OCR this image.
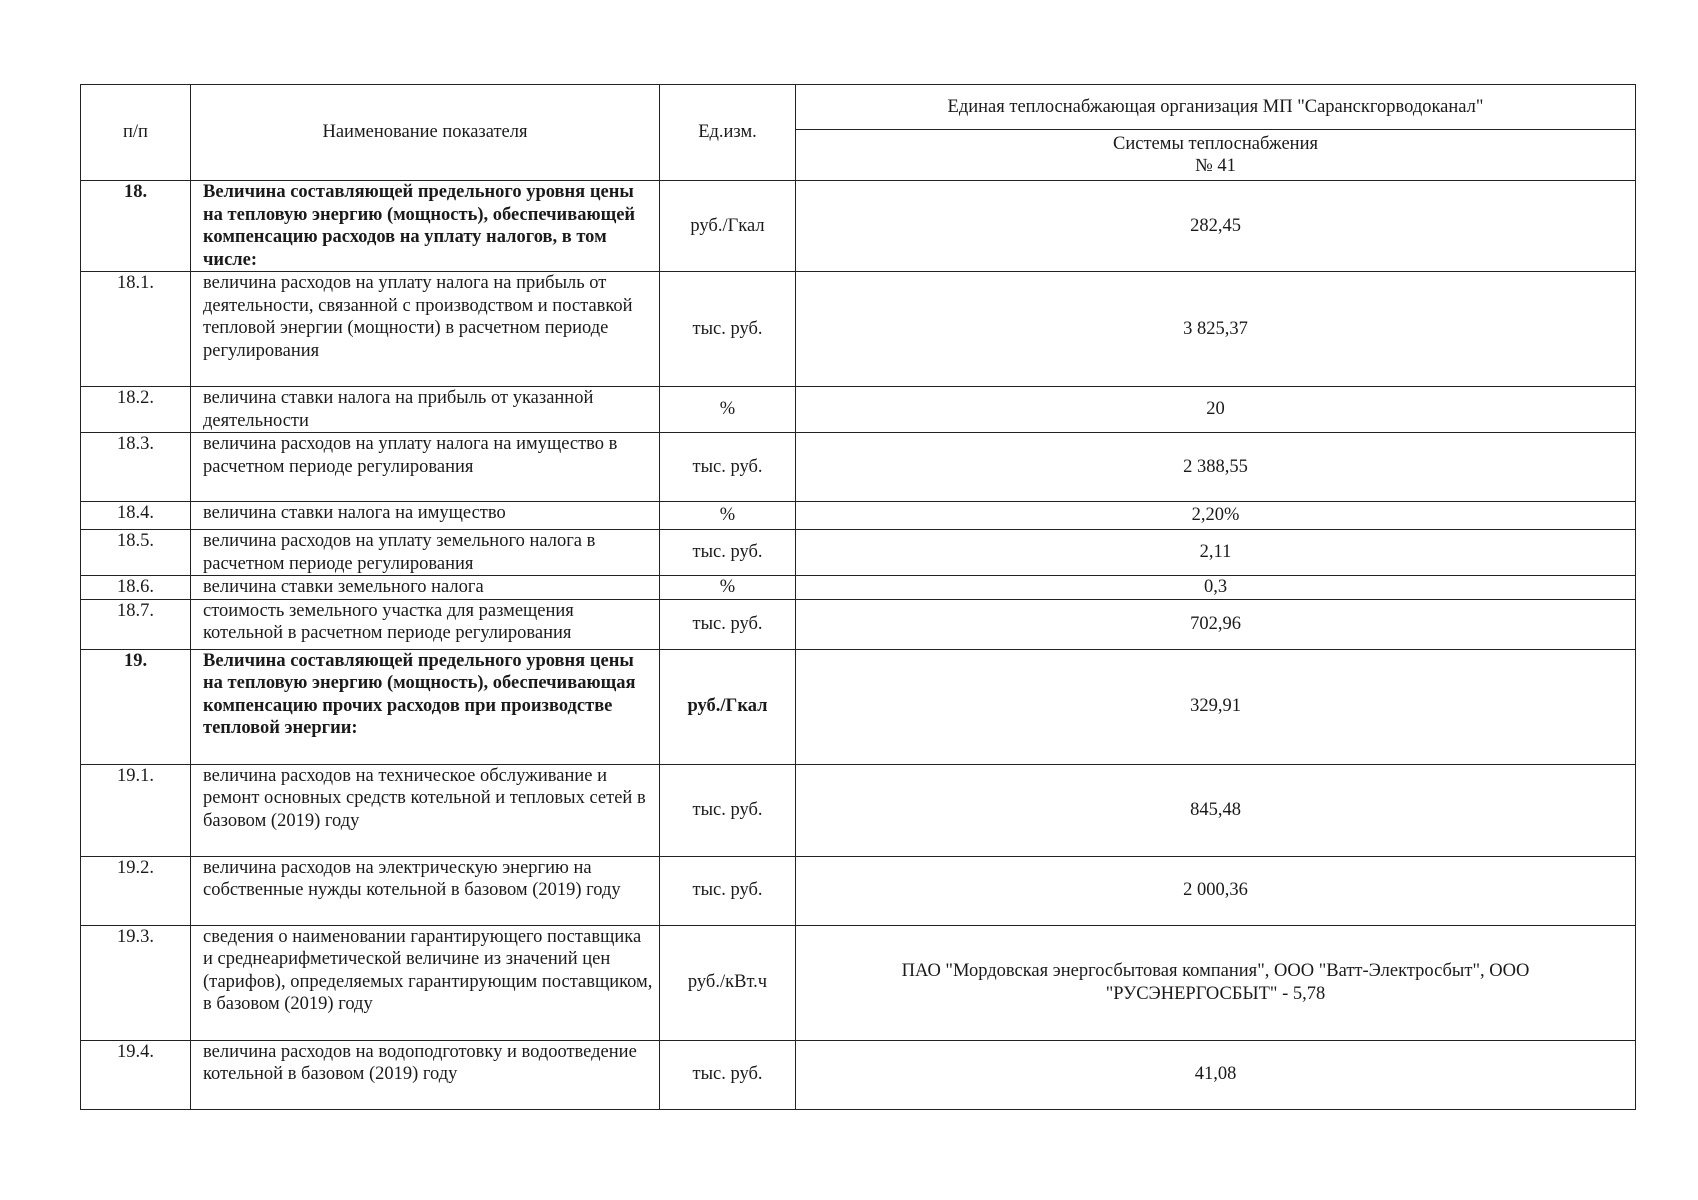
п/п	Наименование показателя	Ед.изм.	Единая теплоснабжающая организация МП "Саранскгорводоканал"

			Системы теплоснабжения
№ 41

18.	Величина составляющей предельного уровня цены на тепловую энергию (мощность), обеспечивающей компенсацию расходов на уплату налогов, в том числе:	руб./Гкал	282,45
18.1.	величина расходов на уплату налога на прибыль от деятельности, связанной с производством и поставкой тепловой энергии (мощности) в расчетном периоде регулирования	тыс. руб.	3 825,37
18.2.	величина ставки налога на прибыль от указанной деятельности	%	20
18.3.	величина расходов на уплату налога на имущество в расчетном периоде регулирования	тыс. руб.	2 388,55
18.4.	величина ставки налога на имущество	%	2,20%
18.5.	величина расходов на уплату земельного налога в расчетном периоде регулирования	тыс. руб.	2,11
18.6.	величина ставки земельного налога	%	0,3
18.7.	стоимость земельного участка для размещения котельной в расчетном периоде регулирования	тыс. руб.	702,96
19.	Величина составляющей предельного уровня цены на тепловую энергию (мощность), обеспечивающая компенсацию прочих расходов при производстве тепловой энергии:	руб./Гкал	329,91
19.1.	величина расходов на техническое обслуживание и ремонт основных средств котельной и тепловых сетей в базовом (2019) году	тыс. руб.	845,48
19.2.	величина расходов на электрическую энергию на собственные нужды котельной в базовом (2019) году	тыс. руб.	2 000,36
19.3.	сведения о наименовании гарантирующего поставщика и среднеарифметической величине из значений цен (тарифов), определяемых гарантирующим поставщиком, в базовом (2019) году	руб./кВт.ч	ПАО "Мордовская энергосбытовая компания", ООО "Ватт-Электросбыт", ООО "РУСЭНЕРГОСБЫТ" - 5,78
19.4.	величина расходов на водоподготовку и водоотведение котельной в базовом (2019) году	тыс. руб.	41,08
